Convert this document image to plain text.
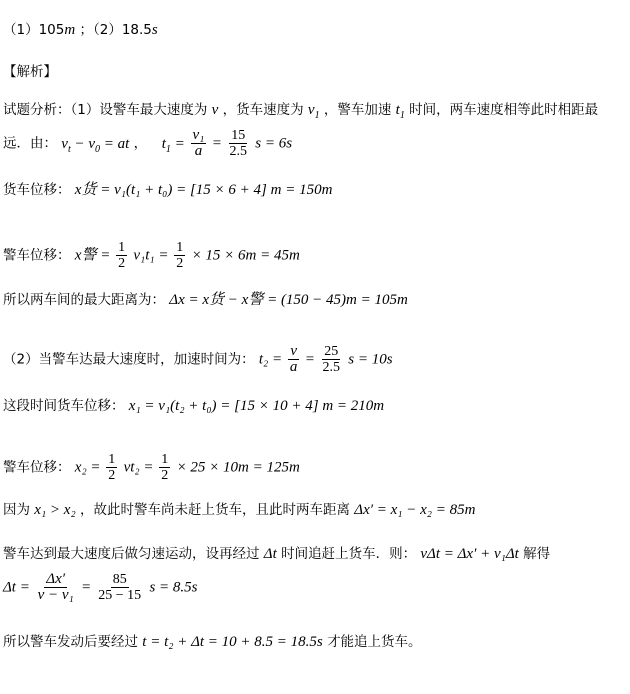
（1）105m ；（2）18.5s
【解析】
试题分析：（1）设警车最大速度为 v ，货车速度为 $v_1$ ，警车加速 $t_1$ 时间，两车速度相等此时相距最
远．由： $v_t - v_0$ = at ， $t_1 = \frac{\text{v₁}}{a} = \frac{15}{2.5}$ s = 6s
货车位移： x货 = v₁(t₁ + t₀) = [15 × 6 + 4] m = 150m
警车位移： x警 = $\frac{1}{2} v_1t_1 = \frac{1}{2} \times 15 \times 6m = 45m$
所以两车间的最大距离为： Δx = x货 − x警 = (150 − 45)m = 105m
（2）当警车达最大速度时，加速时间为： $t_2 = \frac{v}{a} = \frac{25}{2.5}$ s = 10s
这段时间货车位移： x₁ = v₁(t₂ + t₀) = [15 × 10 + 4] m = 210m
警车位移： $x_2 = \frac{1}{2} vt_2 = \frac{1}{2} \times 25 \times 10m = 125m$
因为 x₁ > x₂ ，故此时警车尚未赶上货车，且此时两车距离 Δx′ = x₁ − x₂ = 85m
警车达到最大速度后做匀速运动，设再经过 Δt 时间追赶上货车．则： vΔt = Δx′ + v₁Δt 解得
$\Delta t = \frac{\Delta x'}{\text{v − v₁}} = \frac{85}{25 - 15}$ s = 8.5s
所以警车发动后要经过 t = t₂ + Δt = 10 + 8.5 = 18.5s 才能追上货车。
